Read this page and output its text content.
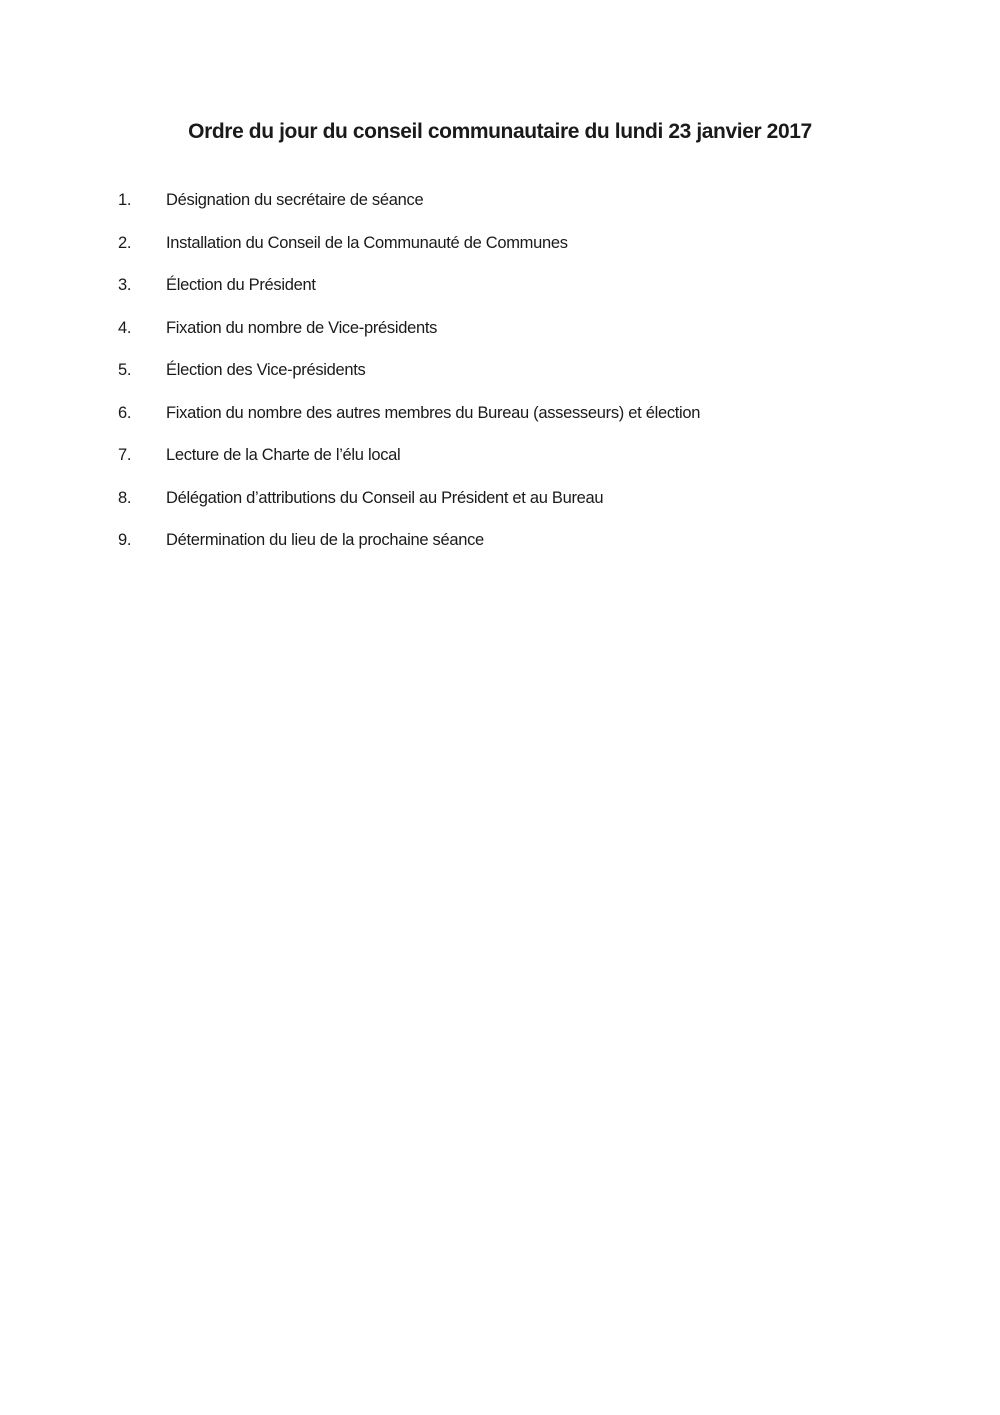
Ordre du jour du conseil communautaire du lundi 23 janvier 2017
1.	Désignation du secrétaire de séance
2.	Installation du Conseil de la Communauté de Communes
3.	Élection du Président
4.	Fixation du nombre de Vice-présidents
5.	Élection des Vice-présidents
6.	Fixation du nombre des autres membres du Bureau (assesseurs) et élection
7.	Lecture de la Charte de l’élu local
8.	Délégation d’attributions du Conseil au Président et au Bureau
9.	Détermination du lieu de la prochaine séance
